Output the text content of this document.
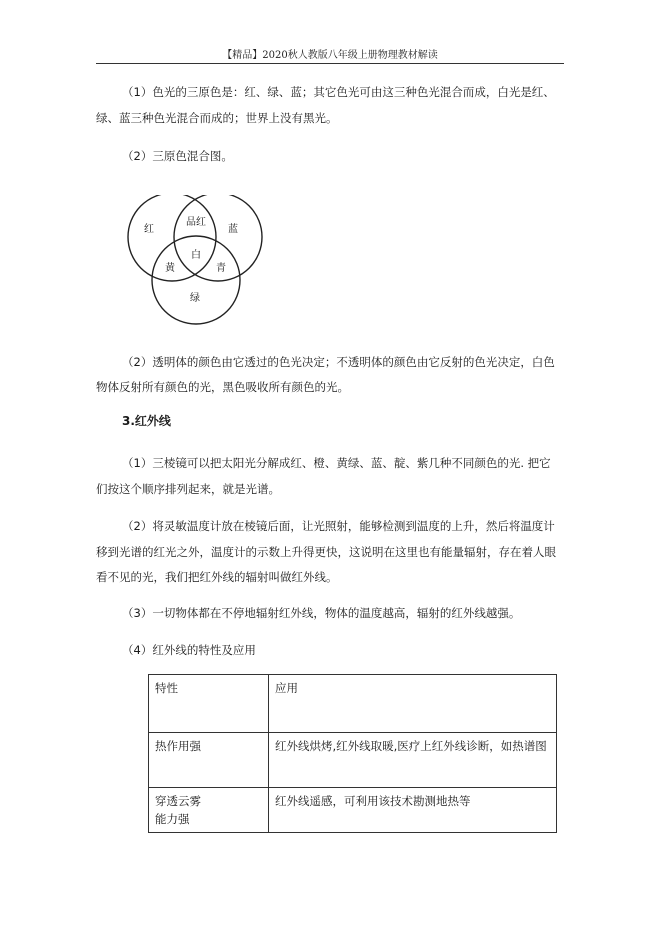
【精品】2020秋人教版八年级上册物理教材解读

（1）色光的三原色是：红、绿、蓝；其它色光可由这三种色光混合而成，白光是红、

绿、蓝三种色光混合而成的；世界上没有黑光。

（2）三原色混合图。

红
品红
蓝
黄
白
青
绿

（2）透明体的颜色由它透过的色光决定；不透明体的颜色由它反射的色光决定，白色

物体反射所有颜色的光，黑色吸收所有颜色的光。

3.红外线

（1）三棱镜可以把太阳光分解成红、橙、黄绿、蓝、靛、紫几种不同颜色的光. 把它

们按这个顺序排列起来，就是光谱。

（2）将灵敏温度计放在棱镜后面，让光照射，能够检测到温度的上升，然后将温度计

移到光谱的红光之外，温度计的示数上升得更快，这说明在这里也有能量辐射，存在着人眼

看不见的光，我们把红外线的辐射叫做红外线。

（3）一切物体都在不停地辐射红外线，物体的温度越高，辐射的红外线越强。

（4）红外线的特性及应用

特性	应用
热作用强	红外线烘烤,红外线取暖,医疗上红外线诊断，如热谱图

穿透云雾
能力强	红外线遥感，可利用该技术勘测地热等
